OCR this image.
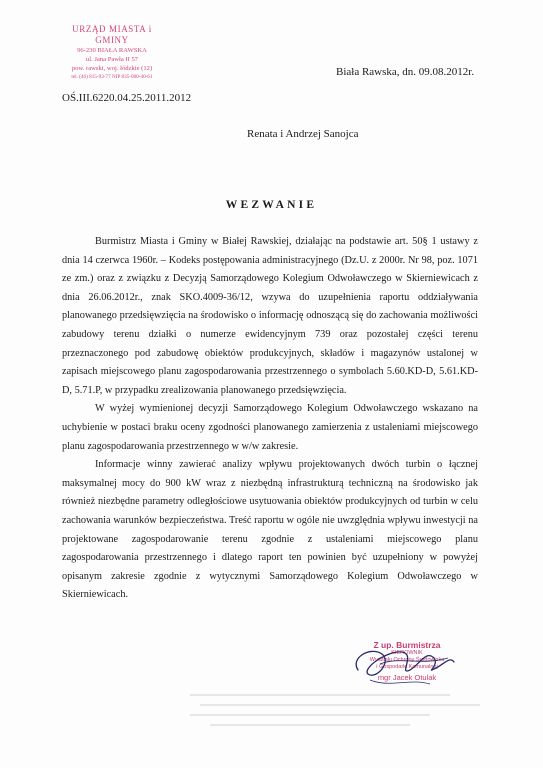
URZĄD MIASTA i GMINY
96-230 BIAŁA RAWSKA
ul. Jana Pawła II 57
pow. rawski, woj. łódzkie (12)
tel. (46) 815-93-77 NIP 835-000-40-61	Biała Rawska, dn. 09.08.2012r.
OŚ.III.6220.04.25.2011.2012
Renata i Andrzej Sanojca
WEZWANIE

Burmistrz Miasta i Gminy w Białej Rawskiej, działając na podstawie art. 50§ 1 ustawy z dnia 14 czerwca 1960r. – Kodeks postępowania administracyjnego (Dz.U. z 2000r. Nr 98, poz. 1071 ze zm.) oraz z związku z Decyzją Samorządowego Kolegium Odwoławczego w Skierniewicach z dnia 26.06.2012r., znak SKO.4009-36/12, wzywa do uzupełnienia raportu oddziaływania planowanego przedsięwzięcia na środowisko o informację odnoszącą się do zachowania możliwości zabudowy terenu działki o numerze ewidencyjnym 739 oraz pozostałej części terenu przeznaczonego pod zabudowę obiektów produkcyjnych, składów i magazynów ustalonej w zapisach miejscowego planu zagospodarowania przestrzennego o symbolach 5.60.KD-D, 5.61.KD-D, 5.71.P, w przypadku zrealizowania planowanego przedsięwzięcia.

W wyżej wymienionej decyzji Samorządowego Kolegium Odwoławczego wskazano na uchybienie w postaci braku oceny zgodności planowanego zamierzenia z ustaleniami miejscowego planu zagospodarowania przestrzennego w w/w zakresie.

Informacje winny zawierać analizy wpływu projektowanych dwóch turbin o łącznej maksymalnej mocy do 900 kW wraz z niezbędną infrastrukturą techniczną na środowisko jak również niezbędne parametry odległościowe usytuowania obiektów produkcyjnych od turbin w celu zachowania warunków bezpieczeństwa. Treść raportu w ogóle nie uwzględnia wpływu inwestycji na projektowane zagospodarowanie terenu zgodnie z ustaleniami miejscowego planu zagospodarowania przestrzennego i dlatego raport ten powinien być uzupełniony w powyżej opisanym zakresie zgodnie z wytycznymi Samorządowego Kolegium Odwoławczego w Skierniewicach.

Z up. Burmistrza
KIEROWNIK
Wydziału Ochrony Środowiska
i Gospodarki Komunalnej
mgr Jacek Otulak
